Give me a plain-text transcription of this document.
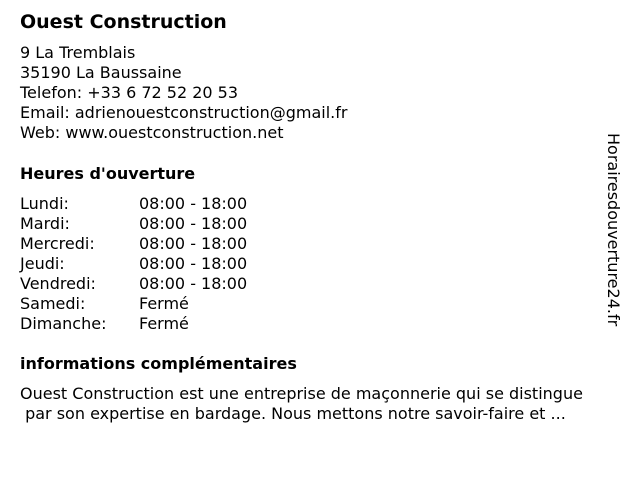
Ouest Construction
9 La Tremblais
35190 La Baussaine
Telefon: +33 6 72 52 20 53
Email: adrienouestconstruction@gmail.fr
Web: www.ouestconstruction.net
Heures d'ouverture
Lundi:	08:00 - 18:00
Mardi:	08:00 - 18:00
Mercredi:	08:00 - 18:00
Jeudi:	08:00 - 18:00
Vendredi:	08:00 - 18:00
Samedi:	Fermé
Dimanche: Fermé
informations complémentaires
Ouest Construction est une entreprise de maçonnerie qui se distingue
par son expertise en bardage. Nous mettons notre savoir-faire et ...
Horairesdouverture24.fr
